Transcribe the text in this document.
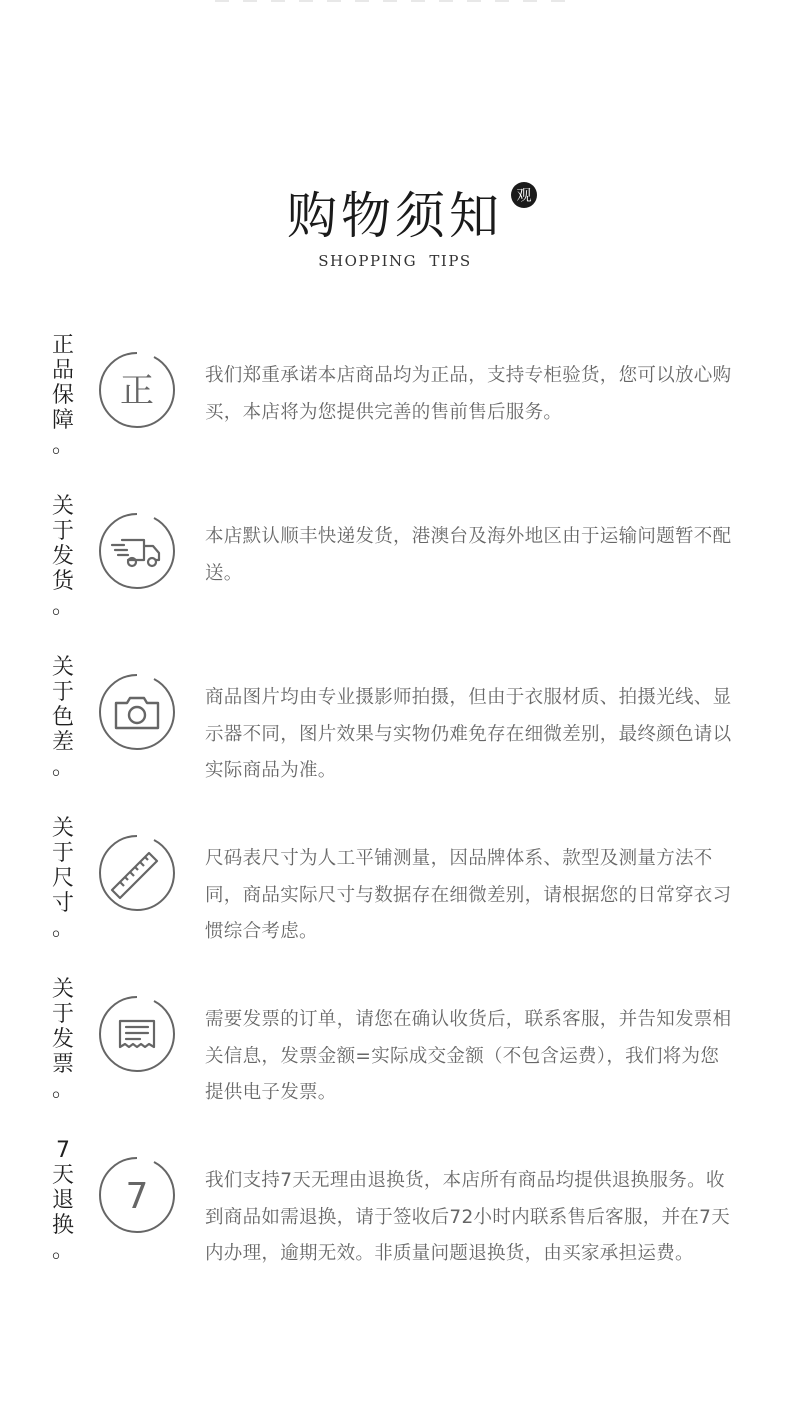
购物须知 观
SHOPPING TIPS
正
品
保
障
。
正	我们郑重承诺本店商品均为正品，支持专柜验货，您可以放心购买，本店将为您提供完善的售前售后服务。
关
于
发
货
。
本店默认顺丰快递发货，港澳台及海外地区由于运输问题暂不配送。
关
于
色
差
。
商品图片均由专业摄影师拍摄，但由于衣服材质、拍摄光线、显示器不同，图片效果与实物仍难免存在细微差别，最终颜色请以实际商品为准。
关
于
尺
寸
。
尺码表尺寸为人工平铺测量，因品牌体系、款型及测量方法不同，商品实际尺寸与数据存在细微差别，请根据您的日常穿衣习惯综合考虑。
关
于
发
票
。
需要发票的订单，请您在确认收货后，联系客服，并告知发票相关信息，发票金额=实际成交金额（不包含运费），我们将为您提供电子发票。
7
天
退
换
。
7	我们支持7天无理由退换货，本店所有商品均提供退换服务。收到商品如需退换，请于签收后72小时内联系售后客服，并在7天内办理，逾期无效。非质量问题退换货，由买家承担运费。
